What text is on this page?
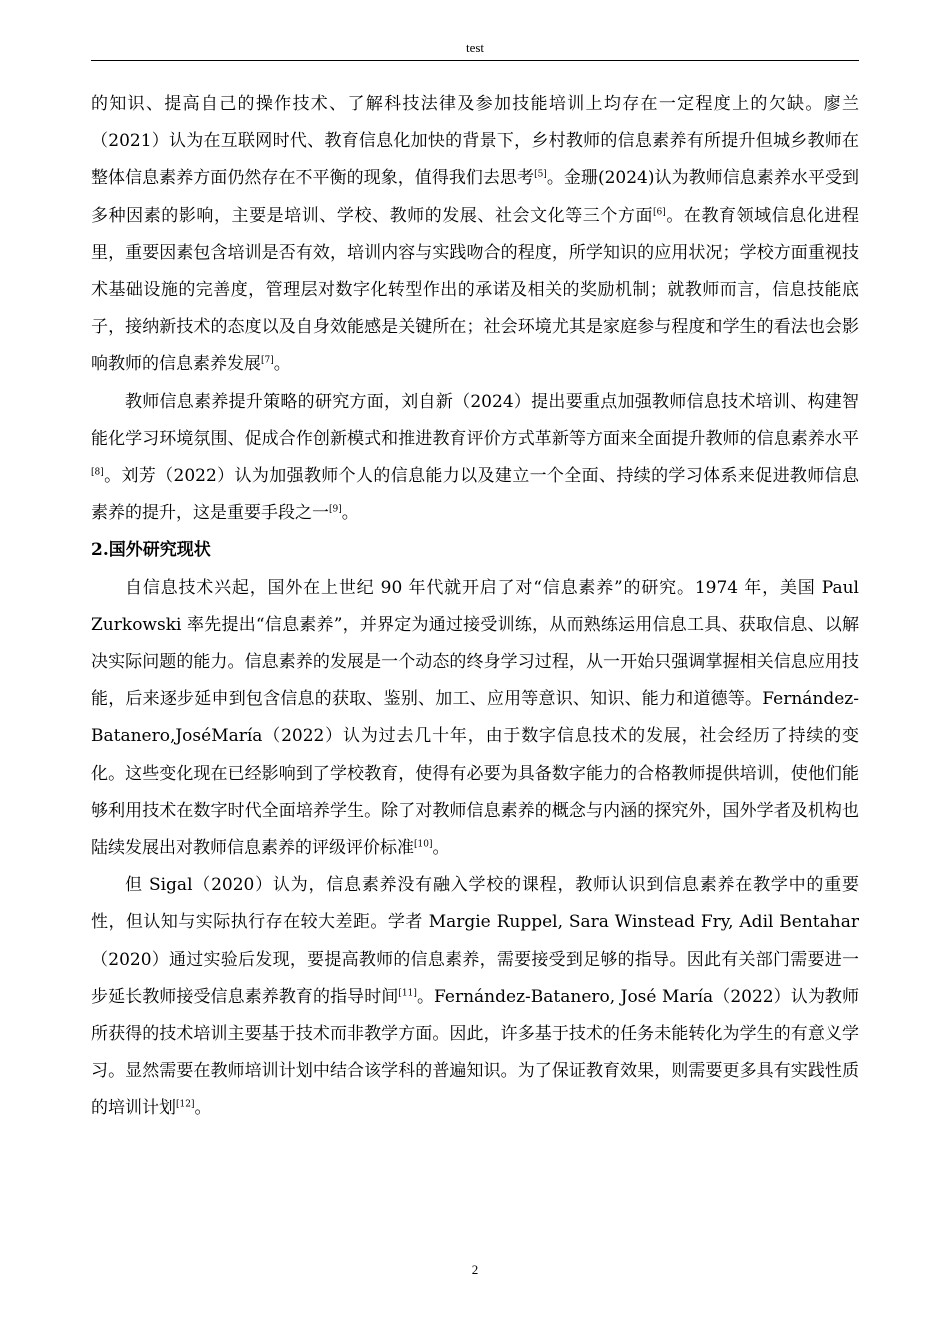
test

的知识、提高自己的操作技术、了解科技法律及参加技能培训上均存在一定程度上的欠缺。廖兰（2021）认为在互联网时代、教育信息化加快的背景下，乡村教师的信息素养有所提升但城乡教师在整体信息素养方面仍然存在不平衡的现象，值得我们去思考[5]。金珊(2024)认为教师信息素养水平受到多种因素的影响，主要是培训、学校、教师的发展、社会文化等三个方面[6]。在教育领域信息化进程里，重要因素包含培训是否有效，培训内容与实践吻合的程度，所学知识的应用状况；学校方面重视技术基础设施的完善度，管理层对数字化转型作出的承诺及相关的奖励机制；就教师而言，信息技能底子，接纳新技术的态度以及自身效能感是关键所在；社会环境尤其是家庭参与程度和学生的看法也会影响教师的信息素养发展[7]。

教师信息素养提升策略的研究方面，刘自新（2024）提出要重点加强教师信息技术培训、构建智能化学习环境氛围、促成合作创新模式和推进教育评价方式革新等方面来全面提升教师的信息素养水平[8]。刘芳（2022）认为加强教师个人的信息能力以及建立一个全面、持续的学习体系来促进教师信息素养的提升，这是重要手段之一[9]。

2.国外研究现状

自信息技术兴起，国外在上世纪 90 年代就开启了对“信息素养”的研究。1974 年，美国 Paul Zurkowski 率先提出“信息素养”，并界定为通过接受训练，从而熟练运用信息工具、获取信息、以解决实际问题的能力。信息素养的发展是一个动态的终身学习过程，从一开始只强调掌握相关信息应用技能，后来逐步延申到包含信息的获取、鉴别、加工、应用等意识、知识、能力和道德等。Fernández-Batanero,JoséMaría（2022）认为过去几十年，由于数字信息技术的发展，社会经历了持续的变化。这些变化现在已经影响到了学校教育，使得有必要为具备数字能力的合格教师提供培训，使他们能够利用技术在数字时代全面培养学生。除了对教师信息素养的概念与内涵的探究外，国外学者及机构也陆续发展出对教师信息素养的评级评价标准[10]。

但 Sigal（2020）认为，信息素养没有融入学校的课程，教师认识到信息素养在教学中的重要性，但认知与实际执行存在较大差距。学者 Margie Ruppel, Sara Winstead Fry, Adil Bentahar（2020）通过实验后发现，要提高教师的信息素养，需要接受到足够的指导。因此有关部门需要进一步延长教师接受信息素养教育的指导时间[11]。Fernández-Batanero, José María（2022）认为教师所获得的技术培训主要基于技术而非教学方面。因此，许多基于技术的任务未能转化为学生的有意义学习。显然需要在教师培训计划中结合该学科的普遍知识。为了保证教育效果，则需要更多具有实践性质的培训计划[12]。

2
